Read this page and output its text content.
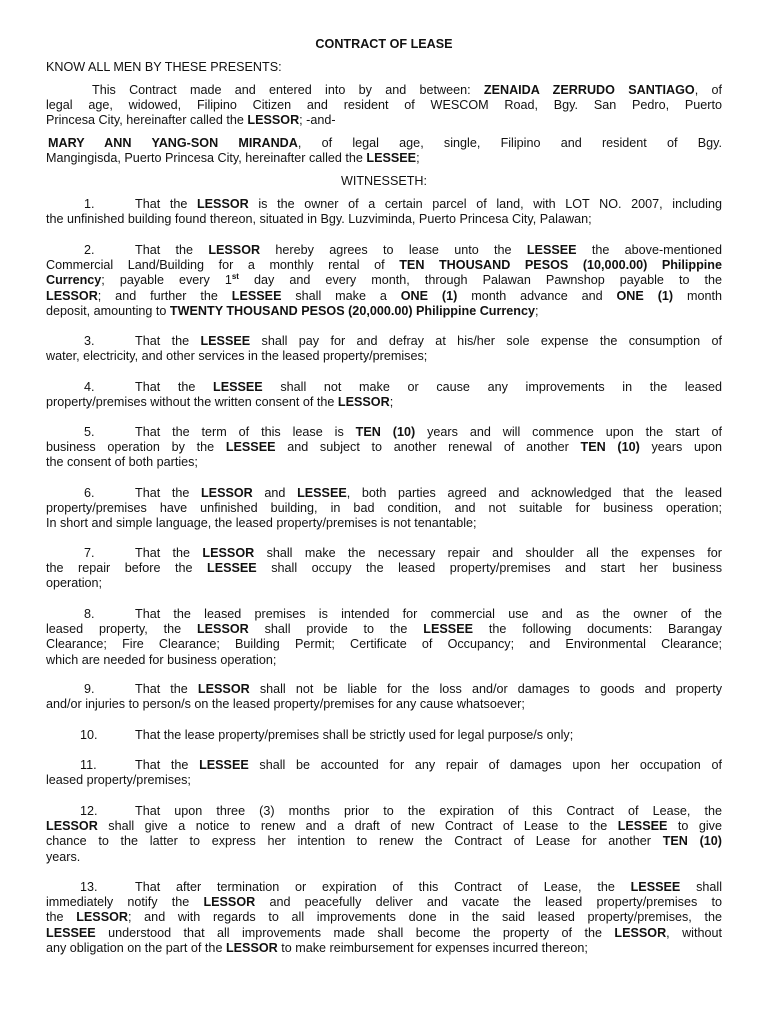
CONTRACT OF LEASE
KNOW ALL MEN BY THESE PRESENTS:
This Contract made and entered into by and between: ZENAIDA ZERRUDO SANTIAGO, of
legal age, widowed, Filipino Citizen and resident of WESCOM Road, Bgy. San Pedro, Puerto
Princesa City, hereinafter called the LESSOR; -and-
MARY ANN YANG-SON MIRANDA, of legal age, single, Filipino and resident of Bgy.
Mangingisda, Puerto Princesa City, hereinafter called the LESSEE;
WITNESSETH:
1.	That the LESSOR is the owner of a certain parcel of land, with LOT NO. 2007, including
the unfinished building found thereon, situated in Bgy. Luzviminda, Puerto Princesa City, Palawan;
2.	That the LESSOR hereby agrees to lease unto the LESSEE the above-mentioned
Commercial Land/Building for a monthly rental of TEN THOUSAND PESOS (10,000.00) Philippine
Currency; payable every 1st day and every month, through Palawan Pawnshop payable to the
LESSOR; and further the LESSEE shall make a ONE (1) month advance and ONE (1) month
deposit, amounting to TWENTY THOUSAND PESOS (20,000.00) Philippine Currency;
3.	That the LESSEE shall pay for and defray at his/her sole expense the consumption of
water, electricity, and other services in the leased property/premises;
4.	That the LESSEE shall not make or cause any improvements in the leased
property/premises without the written consent of the LESSOR;
5.	That the term of this lease is TEN (10) years and will commence upon the start of
business operation by the LESSEE and subject to another renewal of another TEN (10) years upon
the consent of both parties;
6.	That the LESSOR and LESSEE, both parties agreed and acknowledged that the leased
property/premises have unfinished building, in bad condition, and not suitable for business operation;
In short and simple language, the leased property/premises is not tenantable;
7.	That the LESSOR shall make the necessary repair and shoulder all the expenses for
the repair before the LESSEE shall occupy the leased property/premises and start her business
operation;
8.	That the leased premises is intended for commercial use and as the owner of the
leased property, the LESSOR shall provide to the LESSEE the following documents: Barangay
Clearance; Fire Clearance; Building Permit; Certificate of Occupancy; and Environmental Clearance;
which are needed for business operation;
9.	That the LESSOR shall not be liable for the loss and/or damages to goods and property
and/or injuries to person/s on the leased property/premises for any cause whatsoever;
10.	That the lease property/premises shall be strictly used for legal purpose/s only;
11.	That the LESSEE shall be accounted for any repair of damages upon her occupation of
leased property/premises;
12.	That upon three (3) months prior to the expiration of this Contract of Lease, the
LESSOR shall give a notice to renew and a draft of new Contract of Lease to the LESSEE to give
chance to the latter to express her intention to renew the Contract of Lease for another TEN (10)
years.
13.	That after termination or expiration of this Contract of Lease, the LESSEE shall
immediately notify the LESSOR and peacefully deliver and vacate the leased property/premises to
the LESSOR; and with regards to all improvements done in the said leased property/premises, the
LESSEE understood that all improvements made shall become the property of the LESSOR, without
any obligation on the part of the LESSOR to make reimbursement for expenses incurred thereon;
